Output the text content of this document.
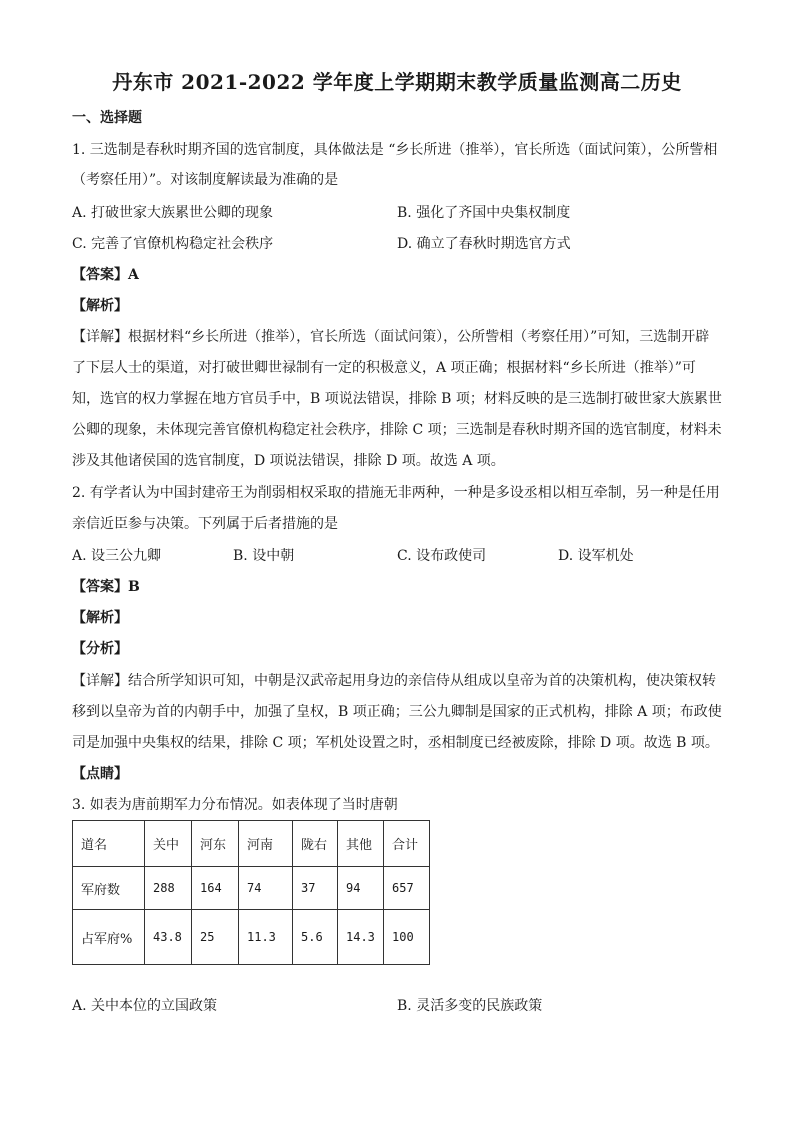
丹东市 2021-2022 学年度上学期期末教学质量监测高二历史
一、选择题
1. 三选制是春秋时期齐国的选官制度，具体做法是 “乡长所进（推举），官长所选（面试问策），公所訾相
（考察任用）”。对该制度解读最为准确的是
A. 打破世家大族累世公卿的现象	B. 强化了齐国中央集权制度
C. 完善了官僚机构稳定社会秩序	D. 确立了春秋时期选官方式
【答案】A
【解析】
【详解】根据材料“乡长所进（推举），官长所选（面试问策），公所訾相（考察任用）”可知，三选制开辟
了下层人士的渠道，对打破世卿世禄制有一定的积极意义，A 项正确；根据材料“乡长所进（推举）”可
知，选官的权力掌握在地方官员手中，B 项说法错误，排除 B 项；材料反映的是三选制打破世家大族累世
公卿的现象，未体现完善官僚机构稳定社会秩序，排除 C 项；三选制是春秋时期齐国的选官制度，材料未
涉及其他诸侯国的选官制度，D 项说法错误，排除 D 项。故选 A 项。
2. 有学者认为中国封建帝王为削弱相权采取的措施无非两种，一种是多设丞相以相互牵制，另一种是任用
亲信近臣参与决策。下列属于后者措施的是
A. 设三公九卿	B. 设中朝	C. 设布政使司	D. 设军机处
【答案】B
【解析】
【分析】
【详解】结合所学知识可知，中朝是汉武帝起用身边的亲信侍从组成以皇帝为首的决策机构，使决策权转
移到以皇帝为首的内朝手中，加强了皇权，B 项正确；三公九卿制是国家的正式机构，排除 A 项；布政使
司是加强中央集权的结果，排除 C 项；军机处设置之时，丞相制度已经被废除，排除 D 项。故选 B 项。
【点睛】
3. 如表为唐前期军力分布情况。如表体现了当时唐朝
道名	关中	河东	河南	陇右	其他	合计
军府数	288	164	74	37	94	657
占军府%	43.8	25	11.3	5.6	14.3	100
A. 关中本位的立国政策	B. 灵活多变的民族政策
